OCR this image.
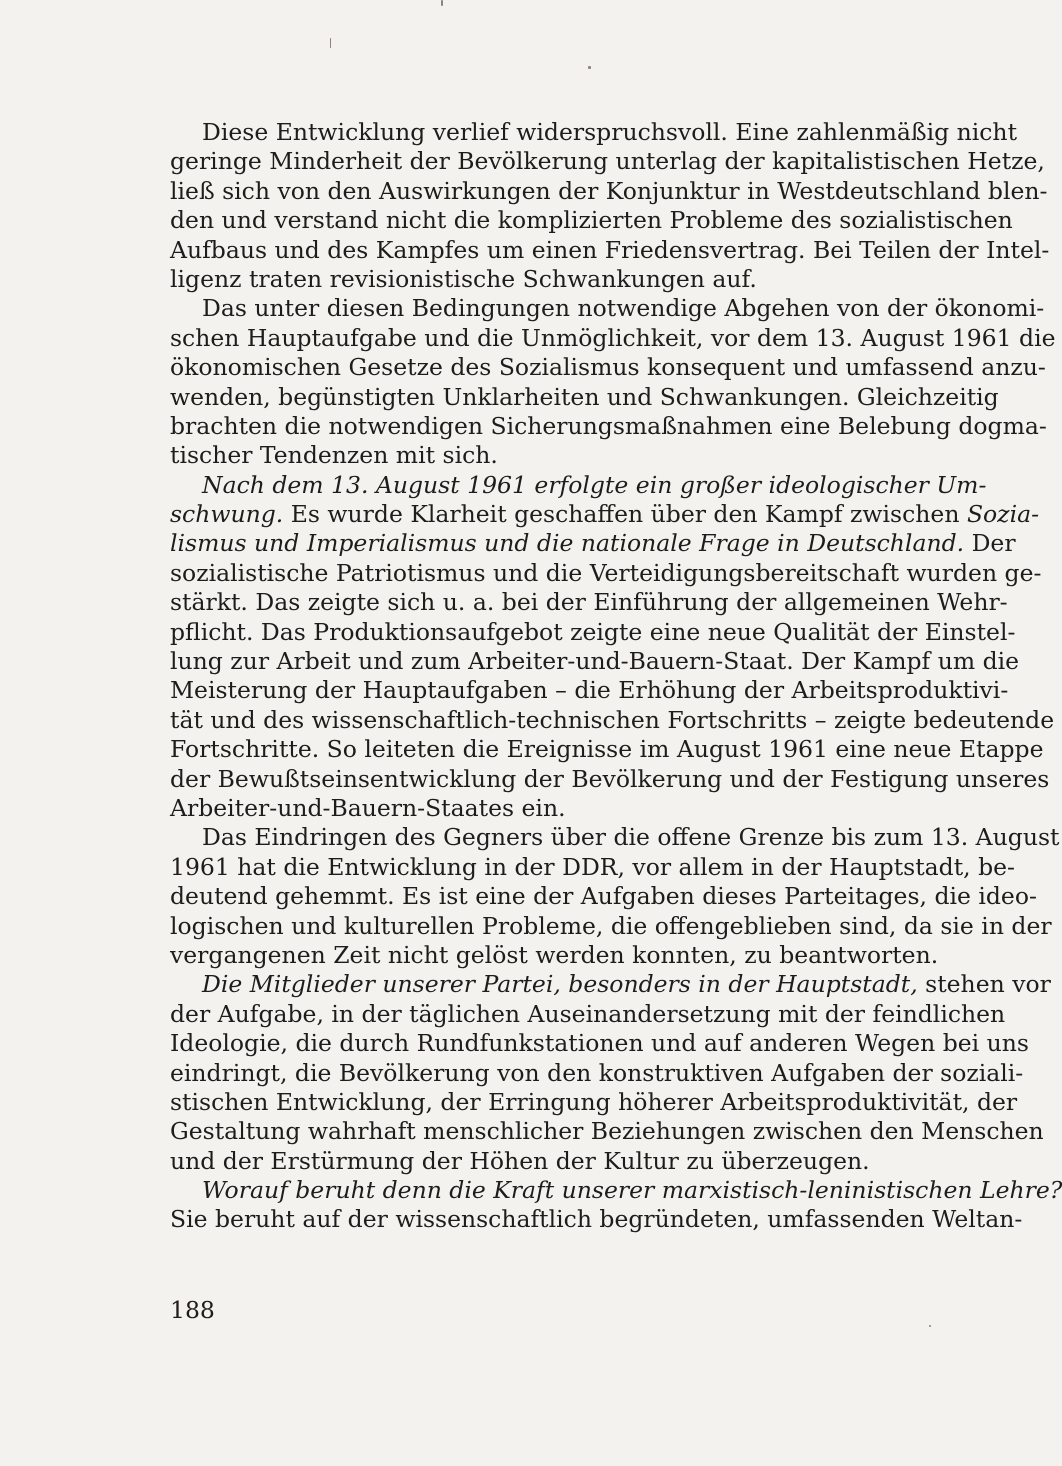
Diese Entwicklung verlief widerspruchsvoll. Eine zahlenmäßig nicht
geringe Minderheit der Bevölkerung unterlag der kapitalistischen Hetze,
ließ sich von den Auswirkungen der Konjunktur in Westdeutschland blen-
den und verstand nicht die komplizierten Probleme des sozialistischen
Aufbaus und des Kampfes um einen Friedensvertrag. Bei Teilen der Intel-
ligenz traten revisionistische Schwankungen auf.
Das unter diesen Bedingungen notwendige Abgehen von der ökonomi-
schen Hauptaufgabe und die Unmöglichkeit, vor dem 13. August 1961 die
ökonomischen Gesetze des Sozialismus konsequent und umfassend anzu-
wenden, begünstigten Unklarheiten und Schwankungen. Gleichzeitig
brachten die notwendigen Sicherungsmaßnahmen eine Belebung dogma-
tischer Tendenzen mit sich.
Nach dem 13. August 1961 erfolgte ein großer ideologischer Um-
schwung. Es wurde Klarheit geschaffen über den Kampf zwischen Sozia-
lismus und Imperialismus und die nationale Frage in Deutschland. Der
sozialistische Patriotismus und die Verteidigungsbereitschaft wurden ge-
stärkt. Das zeigte sich u. a. bei der Einführung der allgemeinen Wehr-
pflicht. Das Produktionsaufgebot zeigte eine neue Qualität der Einstel-
lung zur Arbeit und zum Arbeiter-und-Bauern-Staat. Der Kampf um die
Meisterung der Hauptaufgaben – die Erhöhung der Arbeitsproduktivi-
tät und des wissenschaftlich-technischen Fortschritts – zeigte bedeutende
Fortschritte. So leiteten die Ereignisse im August 1961 eine neue Etappe
der Bewußtseinsentwicklung der Bevölkerung und der Festigung unseres
Arbeiter-und-Bauern-Staates ein.
Das Eindringen des Gegners über die offene Grenze bis zum 13. August
1961 hat die Entwicklung in der DDR, vor allem in der Hauptstadt, be-
deutend gehemmt. Es ist eine der Aufgaben dieses Parteitages, die ideo-
logischen und kulturellen Probleme, die offengeblieben sind, da sie in der
vergangenen Zeit nicht gelöst werden konnten, zu beantworten.
Die Mitglieder unserer Partei, besonders in der Hauptstadt, stehen vor
der Aufgabe, in der täglichen Auseinandersetzung mit der feindlichen
Ideologie, die durch Rundfunkstationen und auf anderen Wegen bei uns
eindringt, die Bevölkerung von den konstruktiven Aufgaben der soziali-
stischen Entwicklung, der Erringung höherer Arbeitsproduktivität, der
Gestaltung wahrhaft menschlicher Beziehungen zwischen den Menschen
und der Erstürmung der Höhen der Kultur zu überzeugen.
Worauf beruht denn die Kraft unserer marxistisch-leninistischen Lehre?
Sie beruht auf der wissenschaftlich begründeten, umfassenden Weltan-
188
